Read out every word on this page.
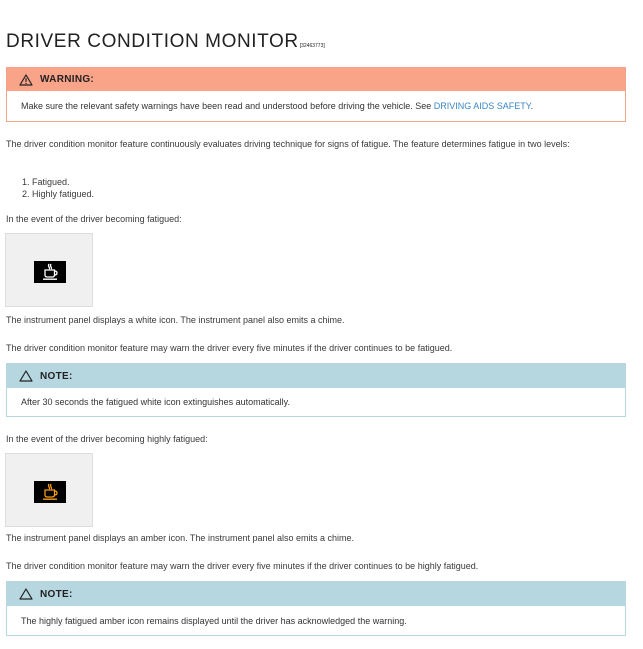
DRIVER CONDITION MONITOR[32463773]
WARNING:
Make sure the relevant safety warnings have been read and understood before driving the vehicle. See DRIVING AIDS SAFETY.
The driver condition monitor feature continuously evaluates driving technique for signs of fatigue. The feature determines fatigue in two levels:
1. Fatigued.
2. Highly fatigued.
In the event of the driver becoming fatigued:
The instrument panel displays a white icon. The instrument panel also emits a chime.
The driver condition monitor feature may warn the driver every five minutes if the driver continues to be fatigued.
NOTE:
After 30 seconds the fatigued white icon extinguishes automatically.
In the event of the driver becoming highly fatigued:
The instrument panel displays an amber icon. The instrument panel also emits a chime.
The driver condition monitor feature may warn the driver every five minutes if the driver continues to be highly fatigued.
NOTE:
The highly fatigued amber icon remains displayed until the driver has acknowledged the warning.
